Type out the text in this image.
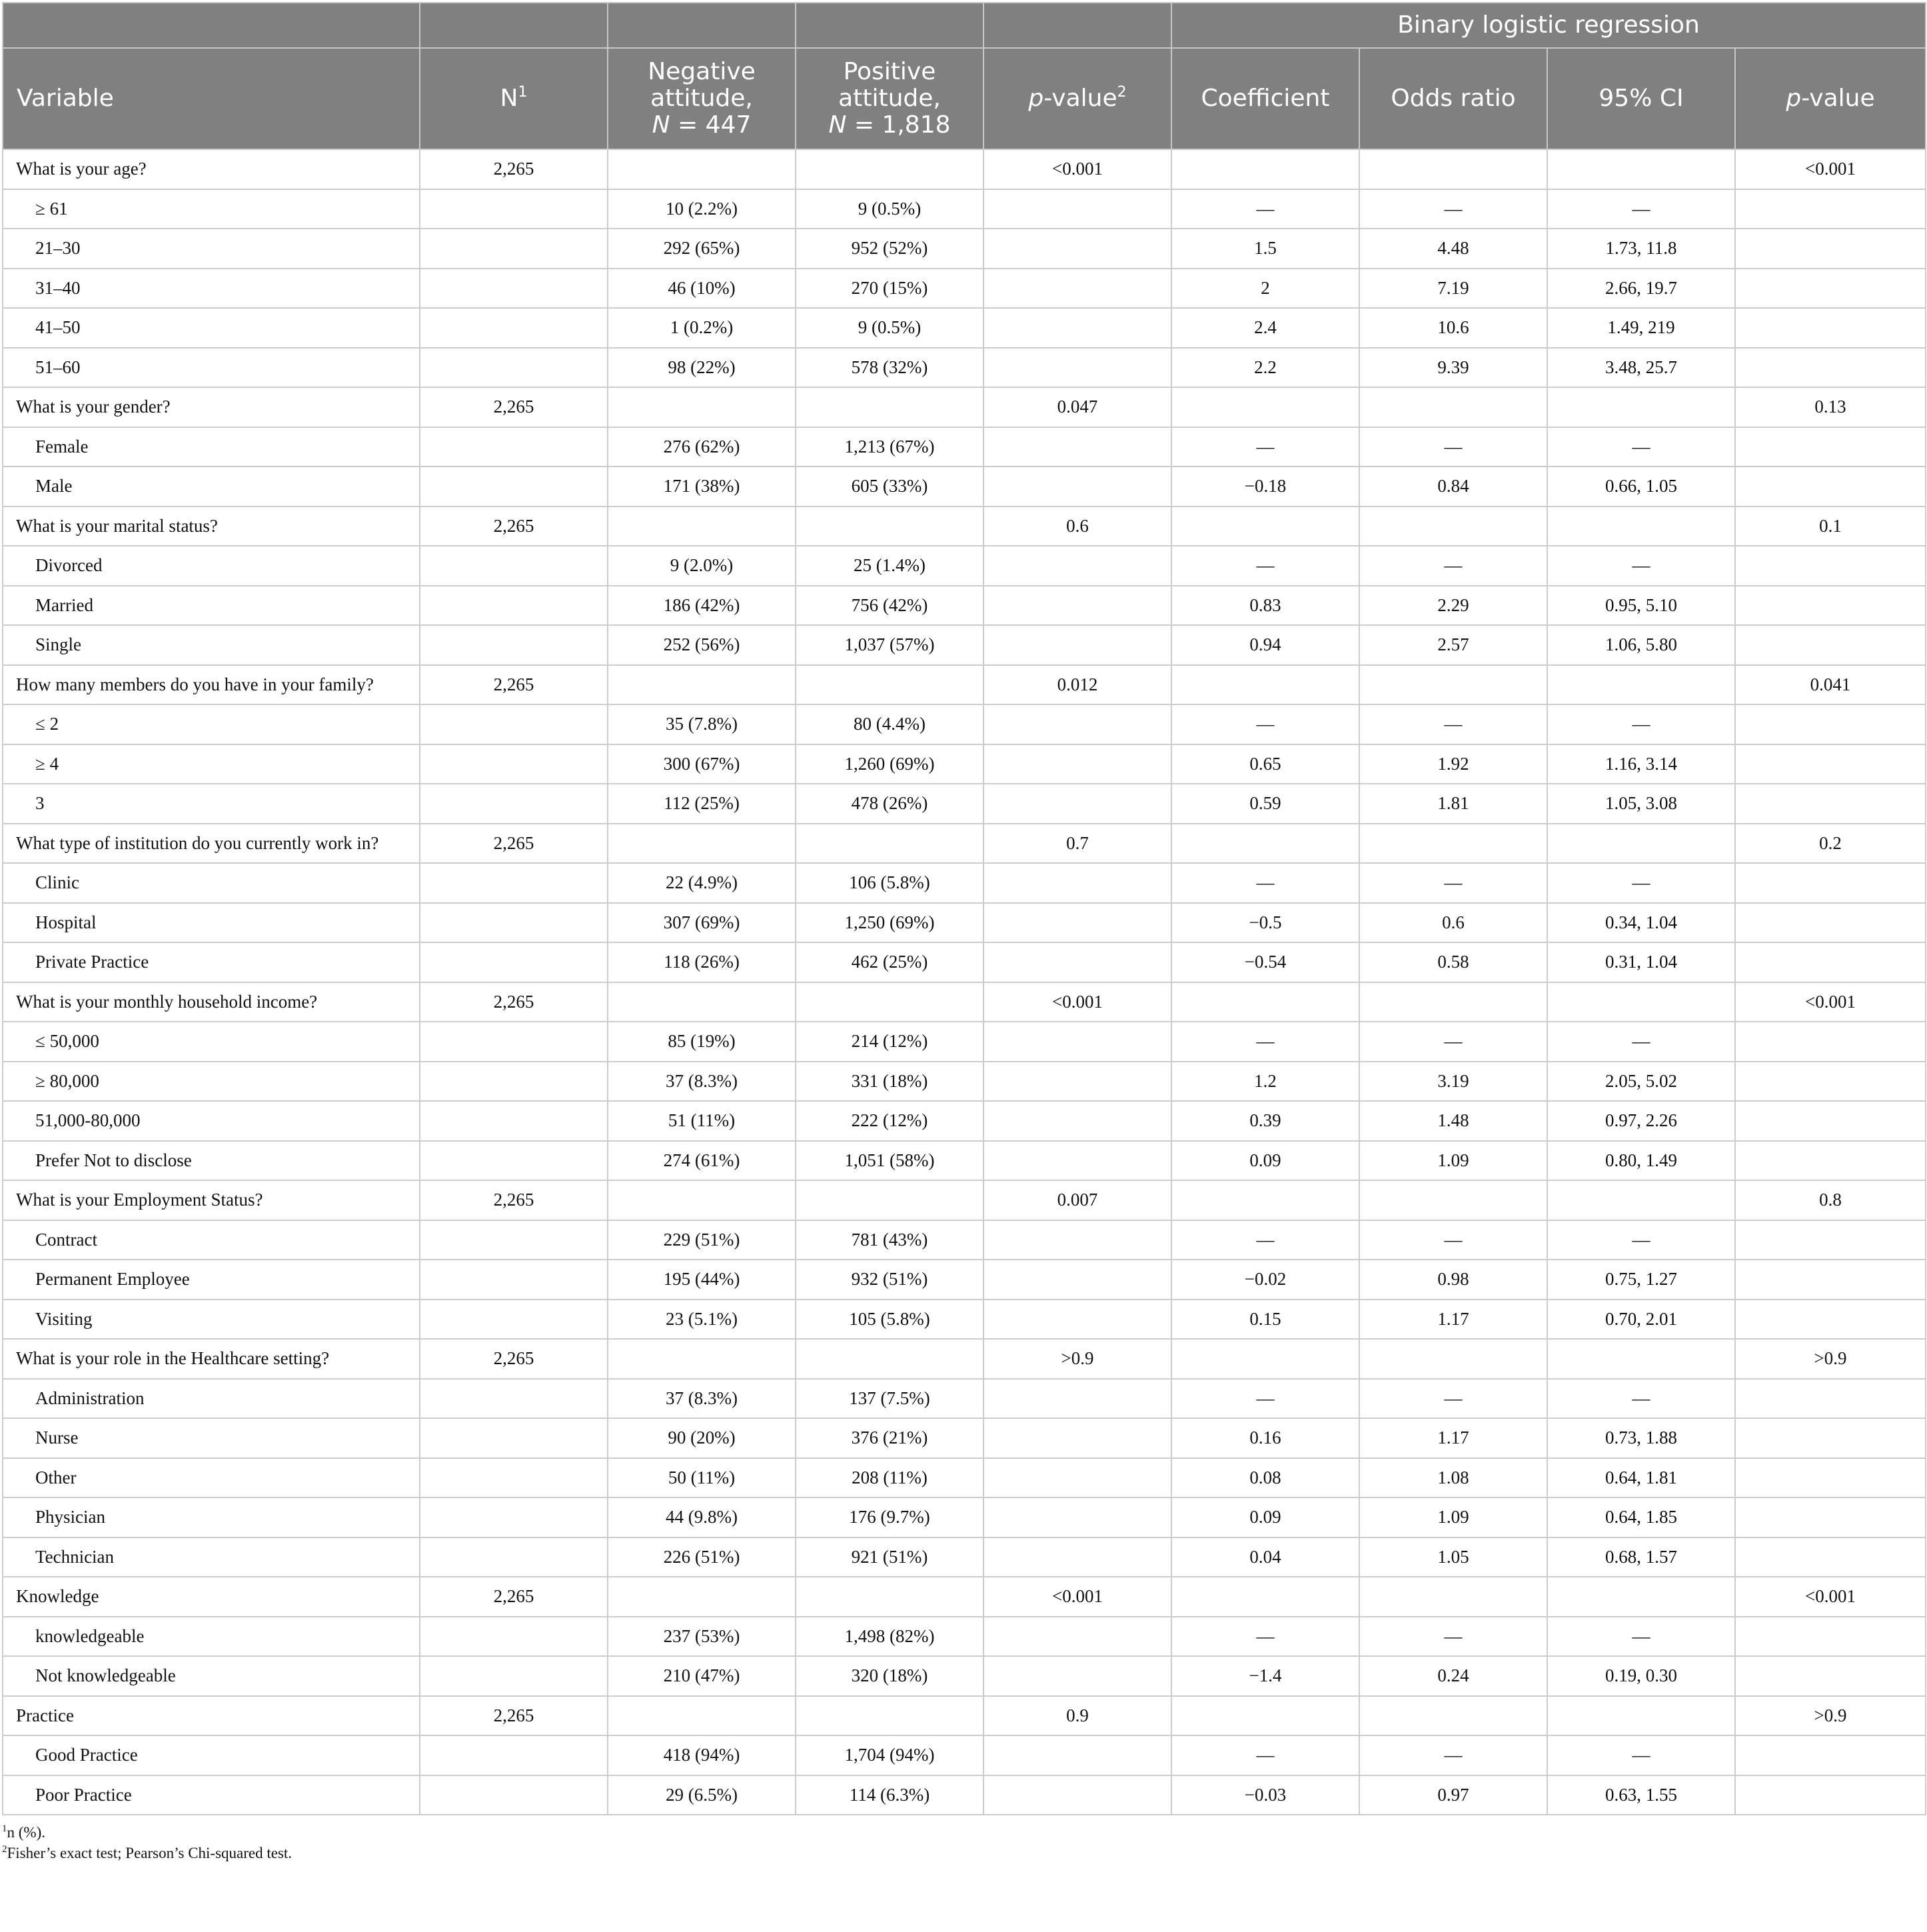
					Binary logistic regression			
Variable	$N^1$	Negative
attitude,
N = 447	Positive
attitude,
N = 1,818	p-value$^2$	Coefficient	Odds ratio	95% CI	p-value
What is your age?	2,265			<0.001				<0.001
≥ 61		10 (2.2%)	9 (0.5%)		—	—	—	
21–30		292 (65%)	952 (52%)		1.5	4.48	1.73, 11.8	
31–40		46 (10%)	270 (15%)		2	7.19	2.66, 19.7	
41–50		1 (0.2%)	9 (0.5%)		2.4	10.6	1.49, 219	
51–60		98 (22%)	578 (32%)		2.2	9.39	3.48, 25.7	
What is your gender?	2,265			0.047				0.13
Female		276 (62%)	1,213 (67%)		—	—	—	
Male		171 (38%)	605 (33%)		−0.18	0.84	0.66, 1.05	
What is your marital status?	2,265			0.6				0.1
Divorced		9 (2.0%)	25 (1.4%)		—	—	—	
Married		186 (42%)	756 (42%)		0.83	2.29	0.95, 5.10	
Single		252 (56%)	1,037 (57%)		0.94	2.57	1.06, 5.80	
How many members do you have in your family?	2,265			0.012				0.041
≤ 2		35 (7.8%)	80 (4.4%)		—	—	—	
≥ 4		300 (67%)	1,260 (69%)		0.65	1.92	1.16, 3.14	
3		112 (25%)	478 (26%)		0.59	1.81	1.05, 3.08	
What type of institution do you currently work in?	2,265			0.7				0.2
Clinic		22 (4.9%)	106 (5.8%)		—	—	—	
Hospital		307 (69%)	1,250 (69%)		−0.5	0.6	0.34, 1.04	
Private Practice		118 (26%)	462 (25%)		−0.54	0.58	0.31, 1.04	
What is your monthly household income?	2,265			<0.001				<0.001
≤ 50,000		85 (19%)	214 (12%)		—	—	—	
≥ 80,000		37 (8.3%)	331 (18%)		1.2	3.19	2.05, 5.02	
51,000-80,000		51 (11%)	222 (12%)		0.39	1.48	0.97, 2.26	
Prefer Not to disclose		274 (61%)	1,051 (58%)		0.09	1.09	0.80, 1.49	
What is your Employment Status?	2,265			0.007				0.8
Contract		229 (51%)	781 (43%)		—	—	—	
Permanent Employee		195 (44%)	932 (51%)		−0.02	0.98	0.75, 1.27	
Visiting		23 (5.1%)	105 (5.8%)		0.15	1.17	0.70, 2.01	
What is your role in the Healthcare setting?	2,265			>0.9				>0.9
Administration		37 (8.3%)	137 (7.5%)		—	—	—	
Nurse		90 (20%)	376 (21%)		0.16	1.17	0.73, 1.88	
Other		50 (11%)	208 (11%)		0.08	1.08	0.64, 1.81	
Physician		44 (9.8%)	176 (9.7%)		0.09	1.09	0.64, 1.85	
Technician		226 (51%)	921 (51%)		0.04	1.05	0.68, 1.57	
Knowledge	2,265			<0.001				<0.001
knowledgeable		237 (53%)	1,498 (82%)		—	—	—	
Not knowledgeable		210 (47%)	320 (18%)		−1.4	0.24	0.19, 0.30	
Practice	2,265			0.9				>0.9
Good Practice		418 (94%)	1,704 (94%)		—	—	—	
Poor Practice		29 (6.5%)	114 (6.3%)		−0.03	0.97	0.63, 1.55	
$^1$n (%).
$^2$Fisher’s exact test; Pearson’s Chi-squared test.
